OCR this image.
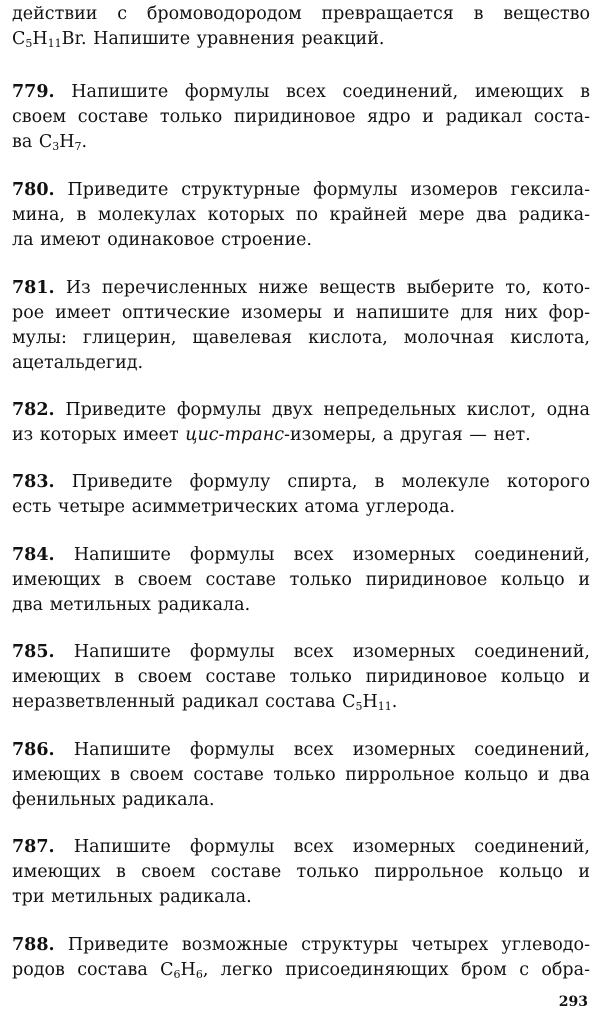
действии с бромоводородом превращается в вещество
$C_5H_{11}Br$. Напишите уравнения реакций.
779. Напишите формулы всех соединений, имеющих в
своем составе только пиридиновое ядро и радикал соста-
ва $C_3H_7$.
780. Приведите структурные формулы изомеров гексила-
мина, в молекулах которых по крайней мере два радика-
ла имеют одинаковое строение.
781. Из перечисленных ниже веществ выберите то, кото-
рое имеет оптические изомеры и напишите для них фор-
мулы: глицерин, щавелевая кислота, молочная кислота,
ацетальдегид.
782. Приведите формулы двух непредельных кислот, одна
из которых имеет цис-транс-изомеры, а другая — нет.
783. Приведите формулу спирта, в молекуле которого
есть четыре асимметрических атома углерода.
784. Напишите формулы всех изомерных соединений,
имеющих в своем составе только пиридиновое кольцо и
два метильных радикала.
785. Напишите формулы всех изомерных соединений,
имеющих в своем составе только пиридиновое кольцо и
неразветвленный радикал состава $C_5H_{11}$.
786. Напишите формулы всех изомерных соединений,
имеющих в своем составе только пиррольное кольцо и два
фенильных радикала.
787. Напишите формулы всех изомерных соединений,
имеющих в своем составе только пиррольное кольцо и
три метильных радикала.
788. Приведите возможные структуры четырех углеводо-
родов состава $C_6H_6$, легко присоединяющих бром с обра-
293
